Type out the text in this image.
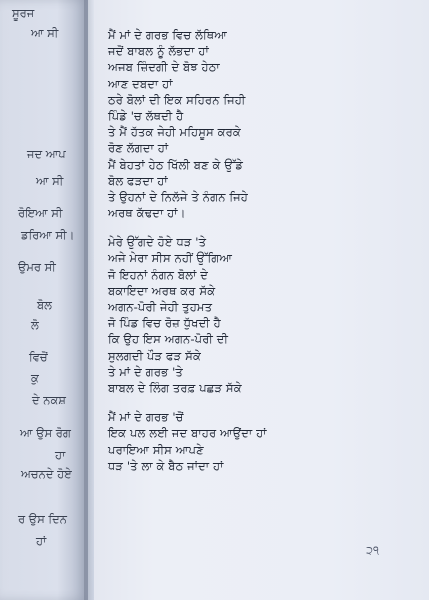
ਸੂਰਜ
ਆ ਸੀ
ਜਦ ਆਪ
ਆ ਸੀ
ਰੋਇਆ ਸੀ
ਡਰਿਆ ਸੀ।
ਉਮਰ ਸੀ
ਬੋਲ
ਲੋ
ਵਿਚੋਂ
ਕੁ
ਦੇ ਨਕਸ਼
ਆ ਉਸ ਰੋਗ
ਹਾ
ਅਚਨਦੇ ਹੋਏ
ਰ ਉਸ ਦਿਨ
ਹਾਂ
੨੧
ਮੈਂ ਮਾਂ ਦੇ ਗਰਭ ਵਿਚ ਲੱਥਿਆ
ਜਦੋਂ ਬਾਬਲ ਨੂੰ ਲੱਭਦਾ ਹਾਂ
ਅਜਬ ਜ਼ਿੰਦਗੀ ਦੇ ਬੋਝ ਹੇਠਾ
ਆਣ ਦਬਦਾ ਹਾਂ
ਠਰੇ ਬੋਲਾਂ ਦੀ ਇਕ ਸਹਿਰਨ ਜਿਹੀ
ਪਿੰਡੇ 'ਚ ਲੱਥਦੀ ਹੈ
ਤੇ ਮੈਂ ਹੱਤਕ ਜੇਹੀ ਮਹਿਸੂਸ ਕਰਕੇ
ਰੋਣ ਲੱਗਦਾ ਹਾਂ
ਮੈਂ ਬੇਹਤਾਂ ਹੇਠ ਖਿੱਲੀ ਬਣ ਕੇ ਉੱਡੇ
ਬੋਲ ਫੜਦਾ ਹਾਂ
ਤੇ ਉਹਨਾਂ ਦੇ ਨਿਲੱਜੇ ਤੇ ਨੰਗਨ ਜਿਹੇ
ਅਰਥ ਕੱਢਦਾ ਹਾਂ।
ਮੇਰੇ ਉੱਗਦੇ ਹੋਏ ਧੜ 'ਤੇ
ਅਜੇ ਮੇਰਾ ਸੀਸ ਨਹੀਂ ਉੱਗਿਆ
ਜੋ ਇਹਨਾਂ ਨੰਗਨ ਬੋਲਾਂ ਦੇ
ਬਕਾਇਦਾ ਅਰਥ ਕਰ ਸੱਕੇ
ਅਗਨ-ਪੋਰੀ ਜੇਹੀ ਤੁਹਮਤ
ਜੋ ਪਿੰਡ ਵਿਚ ਰੋਜ਼ ਧੁੱਖਦੀ ਹੈ
ਕਿ ਉਹ ਇਸ ਅਗਨ-ਪੋਰੀ ਦੀ
ਸੁਲਗਦੀ ਪੌੜ ਫੜ ਸੱਕੇ
ਤੇ ਮਾਂ ਦੇ ਗਰਭ 'ਤੇ
ਬਾਬਲ ਦੇ ਲਿੰਗ ਤਰਫ਼ ਪਛੜ ਸੱਕੇ
ਮੈਂ ਮਾਂ ਦੇ ਗਰਭ 'ਚੋਂ
ਇਕ ਪਲ ਲਈ ਜਦ ਬਾਹਰ ਆਉਂਦਾ ਹਾਂ
ਪਰਾਇਆ ਸੀਸ ਆਪਣੇ
ਧੜ 'ਤੇ ਲਾ ਕੇ ਬੈਠ ਜਾਂਦਾ ਹਾਂ
